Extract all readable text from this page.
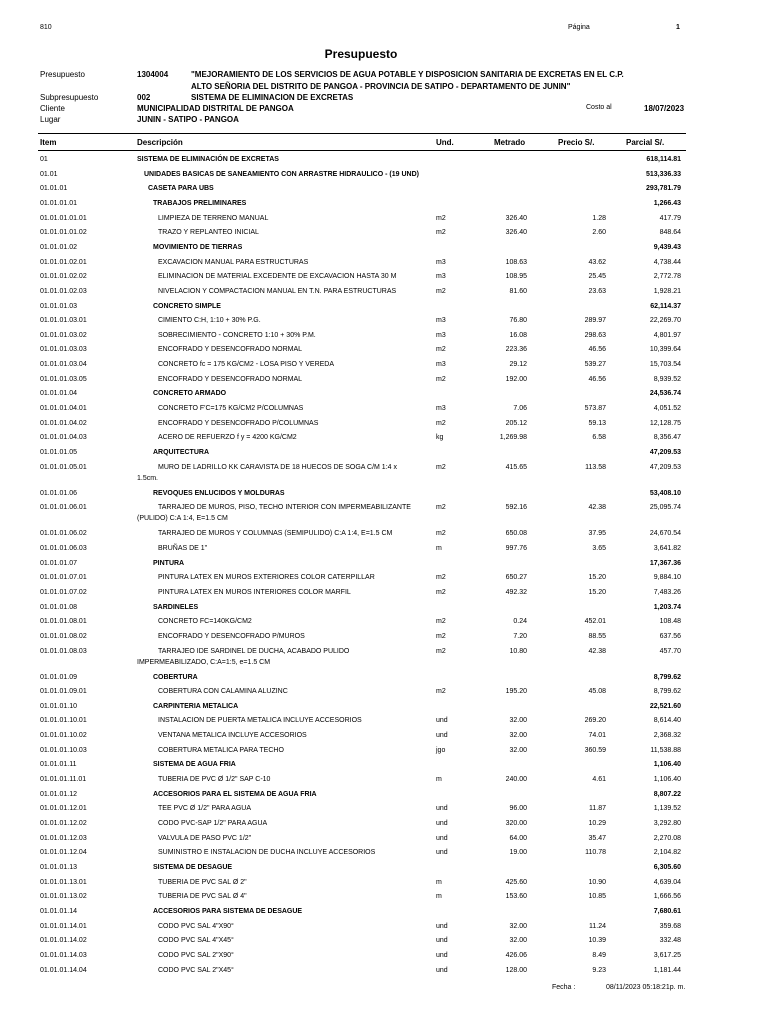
810	Página	1
Presupuesto
Presupuesto	1304004	"MEJORAMIENTO DE LOS SERVICIOS DE AGUA POTABLE Y DISPOSICION SANITARIA DE EXCRETAS EN EL C.P.
ALTO SEÑORIA DEL DISTRITO DE PANGOA - PROVINCIA DE SATIPO - DEPARTAMENTO DE JUNIN"
Subpresupuesto	002	SISTEMA DE ELIMINACION DE EXCRETAS
Cliente	MUNICIPALIDAD DISTRITAL DE PANGOA	Costo al	18/07/2023
Lugar	JUNIN - SATIPO - PANGOA
Item	Descripción	Und.	Metrado	Precio S/.	Parcial S/.
01	SISTEMA DE ELIMINACIÓN DE EXCRETAS	618,114.81
01.01	UNIDADES BASICAS DE SANEAMIENTO CON ARRASTRE HIDRAULICO - (19 UND)	513,336.33
01.01.01	CASETA PARA UBS	293,781.79
01.01.01.01	TRABAJOS PRELIMINARES	1,266.43
01.01.01.01.01	LIMPIEZA DE TERRENO MANUAL	m2	326.40	1.28	417.79
01.01.01.01.02	TRAZO Y REPLANTEO INICIAL	m2	326.40	2.60	848.64
01.01.01.02	MOVIMIENTO DE TIERRAS	9,439.43
01.01.01.02.01	EXCAVACION MANUAL PARA ESTRUCTURAS	m3	108.63	43.62	4,738.44
01.01.01.02.02	ELIMINACION DE MATERIAL EXCEDENTE DE EXCAVACION HASTA 30 M	m3	108.95	25.45	2,772.78
01.01.01.02.03	NIVELACION Y COMPACTACION MANUAL EN T.N. PARA ESTRUCTURAS	m2	81.60	23.63	1,928.21
01.01.01.03	CONCRETO SIMPLE	62,114.37
01.01.01.03.01	CIMIENTO C:H, 1:10 + 30% P.G.	m3	76.80	289.97	22,269.70
01.01.01.03.02	SOBRECIMIENTO - CONCRETO 1:10 + 30% P.M.	m3	16.08	298.63	4,801.97
01.01.01.03.03	ENCOFRADO Y DESENCOFRADO NORMAL	m2	223.36	46.56	10,399.64
01.01.01.03.04	CONCRETO fc = 175 KG/CM2 - LOSA PISO Y VEREDA	m3	29.12	539.27	15,703.54
01.01.01.03.05	ENCOFRADO Y DESENCOFRADO NORMAL	m2	192.00	46.56	8,939.52
01.01.01.04	CONCRETO ARMADO	24,536.74
01.01.01.04.01	CONCRETO F'C=175 KG/CM2 P/COLUMNAS	m3	7.06	573.87	4,051.52
01.01.01.04.02	ENCOFRADO Y DESENCOFRADO P/COLUMNAS	m2	205.12	59.13	12,128.75
01.01.01.04.03	ACERO DE REFUERZO f y = 4200 KG/CM2	kg	1,269.98	6.58	8,356.47
01.01.01.05	ARQUITECTURA	47,209.53
01.01.01.05.01	MURO DE LADRILLO KK CARAVISTA DE 18 HUECOS DE SOGA C/M 1:4 x	m2	415.65	113.58	47,209.53
1.5cm.
01.01.01.06	REVOQUES ENLUCIDOS Y MOLDURAS	53,408.10
01.01.01.06.01	TARRAJEO DE MUROS, PISO, TECHO INTERIOR CON IMPERMEABILIZANTE	m2	592.16	42.38	25,095.74
(PULIDO) C:A 1:4, E=1.5 CM
01.01.01.06.02	TARRAJEO DE MUROS Y COLUMNAS (SEMIPULIDO) C:A 1:4, E=1.5 CM	m2	650.08	37.95	24,670.54
01.01.01.06.03	BRUÑAS DE 1"	m	997.76	3.65	3,641.82
01.01.01.07	PINTURA	17,367.36
01.01.01.07.01	PINTURA LATEX EN MUROS EXTERIORES COLOR CATERPILLAR	m2	650.27	15.20	9,884.10
01.01.01.07.02	PINTURA LATEX EN MUROS INTERIORES COLOR MARFIL	m2	492.32	15.20	7,483.26
01.01.01.08	SARDINELES	1,203.74
01.01.01.08.01	CONCRETO FC=140KG/CM2	m2	0.24	452.01	108.48
01.01.01.08.02	ENCOFRADO Y DESENCOFRADO P/MUROS	m2	7.20	88.55	637.56
01.01.01.08.03	TARRAJEO IDE SARDINEL DE DUCHA, ACABADO PULIDO	m2	10.80	42.38	457.70
IMPERMEABILIZADO, C:A=1:5, e=1.5 CM
01.01.01.09	COBERTURA	8,799.62
01.01.01.09.01	COBERTURA CON CALAMINA ALUZINC	m2	195.20	45.08	8,799.62
01.01.01.10	CARPINTERIA METALICA	22,521.60
01.01.01.10.01	INSTALACION DE PUERTA METALICA INCLUYE ACCESORIOS	und	32.00	269.20	8,614.40
01.01.01.10.02	VENTANA METALICA INCLUYE ACCESORIOS	und	32.00	74.01	2,368.32
01.01.01.10.03	COBERTURA METALICA PARA TECHO	jgo	32.00	360.59	11,538.88
01.01.01.11	SISTEMA DE AGUA FRIA	1,106.40
01.01.01.11.01	TUBERIA DE PVC Ø 1/2" SAP C-10	m	240.00	4.61	1,106.40
01.01.01.12	ACCESORIOS PARA EL SISTEMA DE AGUA FRIA	8,807.22
01.01.01.12.01	TEE PVC Ø 1/2" PARA AGUA	und	96.00	11.87	1,139.52
01.01.01.12.02	CODO PVC-SAP 1/2" PARA AGUA	und	320.00	10.29	3,292.80
01.01.01.12.03	VALVULA DE PASO PVC 1/2"	und	64.00	35.47	2,270.08
01.01.01.12.04	SUMINISTRO E INSTALACION DE DUCHA INCLUYE ACCESORIOS	und	19.00	110.78	2,104.82
01.01.01.13	SISTEMA DE DESAGUE	6,305.60
01.01.01.13.01	TUBERIA DE PVC SAL Ø 2"	m	425.60	10.90	4,639.04
01.01.01.13.02	TUBERIA DE PVC SAL Ø 4"	m	153.60	10.85	1,666.56
01.01.01.14	ACCESORIOS PARA SISTEMA DE DESAGUE	7,680.61
01.01.01.14.01	CODO PVC SAL 4"X90°	und	32.00	11.24	359.68
01.01.01.14.02	CODO PVC SAL 4"X45°	und	32.00	10.39	332.48
01.01.01.14.03	CODO PVC SAL 2"X90°	und	426.06	8.49	3,617.25
01.01.01.14.04	CODO PVC SAL 2"X45°	und	128.00	9.23	1,181.44
Fecha :	08/11/2023 05:18:21p. m.
